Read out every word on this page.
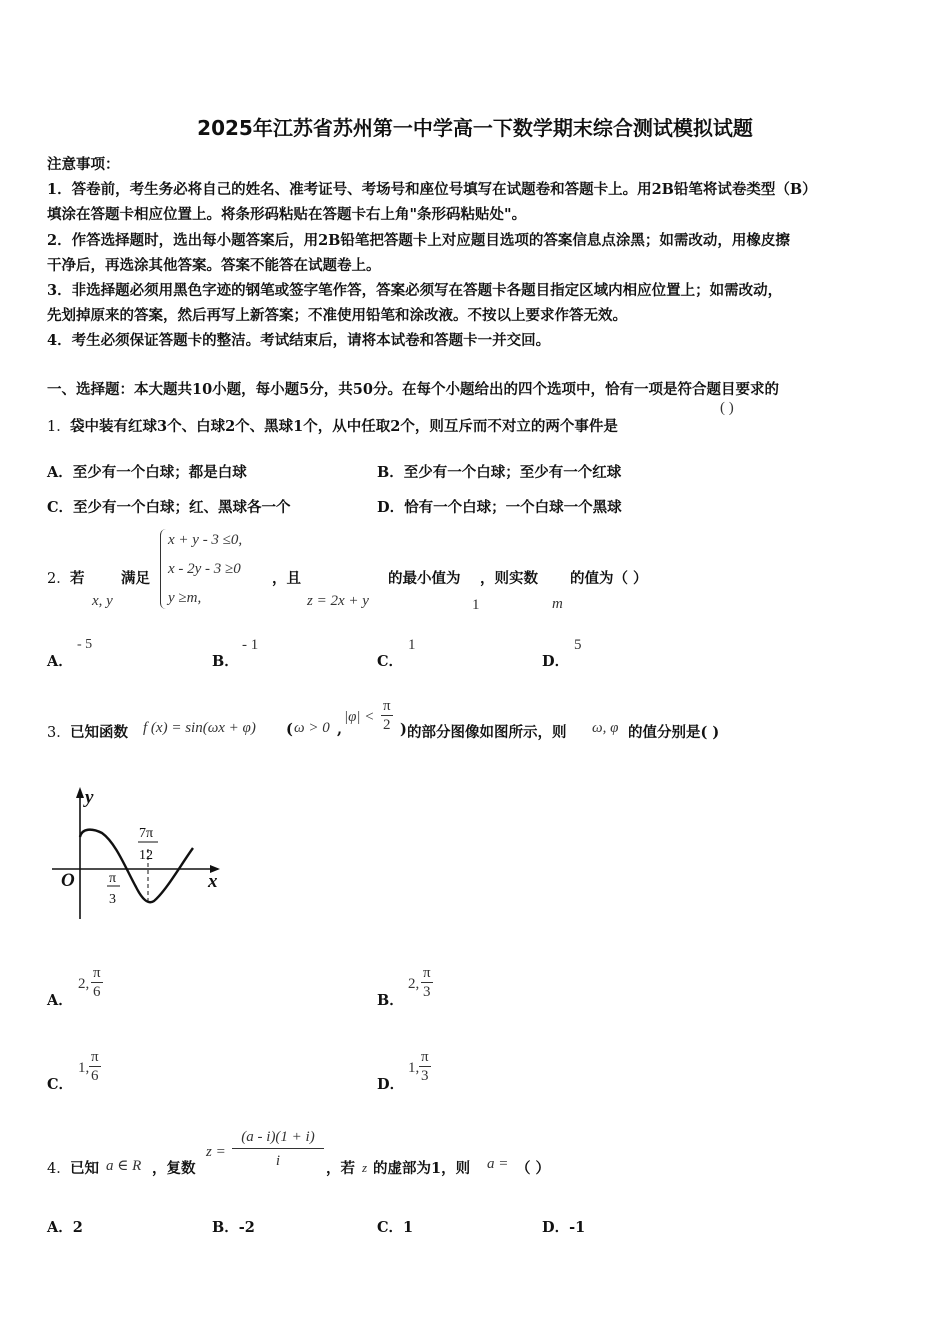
2025年江苏省苏州第一中学高一下数学期末综合测试模拟试题
注意事项：
1．答卷前，考生务必将自己的姓名、准考证号、考场号和座位号填写在试题卷和答题卡上。用2B铅笔将试卷类型（B）
填涂在答题卡相应位置上。将条形码粘贴在答题卡右上角"条形码粘贴处"。
2．作答选择题时，选出每小题答案后，用2B铅笔把答题卡上对应题目选项的答案信息点涂黑；如需改动，用橡皮擦
干净后，再选涂其他答案。答案不能答在试题卷上。
3．非选择题必须用黑色字迹的钢笔或签字笔作答，答案必须写在答题卡各题目指定区域内相应位置上；如需改动，
先划掉原来的答案，然后再写上新答案；不准使用铅笔和涂改液。不按以上要求作答无效。
4．考生必须保证答题卡的整洁。考试结束后，请将本试卷和答题卡一并交回。
一、选择题：本大题共10小题，每小题5分，共50分。在每个小题给出的四个选项中，恰有一项是符合题目要求的
1． 袋中装有红球3个、白球2个、黑球1个，从中任取2个，则互斥而不对立的两个事件是
( )
A．至少有一个白球；都是白球	B．至少有一个白球；至少有一个红球
C．至少有一个白球；红、黑球各一个	D．恰有一个白球；一个白球一个黑球
2． 若
x, y
满足
x + y - 3 ≤0,
x - 2y - 3 ≥0
y ≥m,
，且
z = 2x + y
的最小值为
1
，则实数
m
的值为（ ）
A．
- 5
B．
- 1
C．
1
D．
5
3． 已知函数 f (x) = sin(ωx + φ) ( ω > 0 ,
$|\varphi| < \frac{\pi}{2}$ ) 的部分图像如图所示，则 ω, φ 的值分别是( )
y
x
O π
3
7π
12
A．
2, $\frac{\pi}{6}$	B．
2, $\frac{\pi}{3}$
C．
1, $\frac{\pi}{6}$	D．
1, $\frac{\pi}{3}$
4． 已知 a ∈ R ，复数
$z = \frac{(a - i)(1 + i)}{i}$ ，若 z 的虚部为1，则 a = （ ）
A．2	B．-2	C．1	D．-1
